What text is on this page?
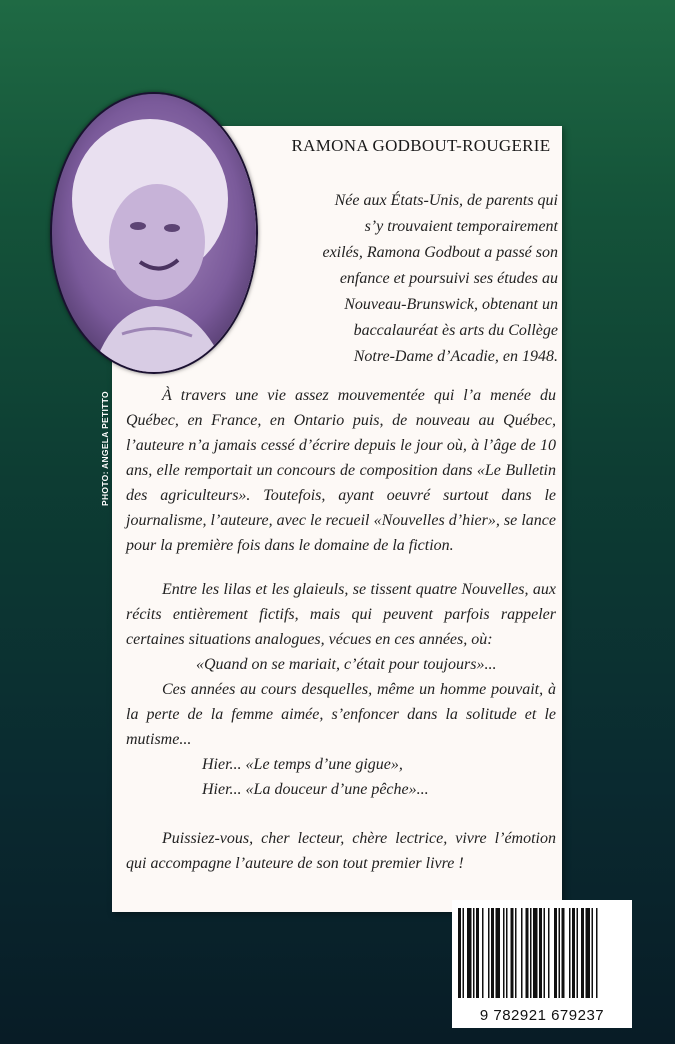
PHOTO: ANGELA PETITTO
RAMONA GODBOUT-ROUGERIE

Née aux États-Unis, de parents qui
s’y trouvaient temporairement
exilés, Ramona Godbout a passé son
enfance et poursuivi ses études au
Nouveau-Brunswick, obtenant un
baccalauréat ès arts du Collège
Notre-Dame d’Acadie, en 1948.

À travers une vie assez mouvementée qui l’a menée du Québec, en France, en Ontario puis, de nouveau au Québec, l’auteure n’a jamais cessé d’écrire depuis le jour où, à l’âge de 10 ans, elle remportait un concours de composition dans «Le Bulletin des agriculteurs». Toutefois, ayant oeuvré surtout dans le journalisme, l’auteure, avec le recueil «Nouvelles d’hier», se lance pour la première fois dans le domaine de la fiction.

Entre les lilas et les glaieuls, se tissent quatre Nouvelles, aux récits entièrement fictifs, mais qui peuvent parfois rappeler certaines situations analogues, vécues en ces années, où:
«Quand on se mariait, c’était pour toujours»...
Ces années au cours desquelles, même un homme pouvait, à la perte de la femme aimée, s’enfoncer dans la solitude et le mutisme...
Hier... «Le temps d’une gigue»,
Hier... «La douceur d’une pêche»...

Puissiez-vous, cher lecteur, chère lectrice, vivre l’émotion qui accompagne l’auteure de son tout premier livre !

9 782921 679237
